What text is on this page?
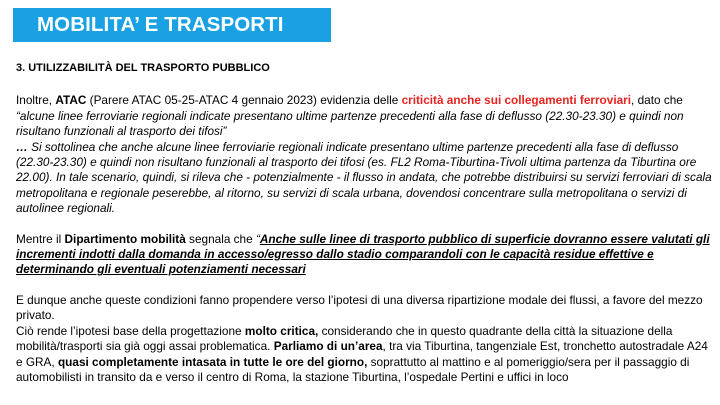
MOBILITA’ E TRASPORTI

3. UTILIZZABILITÀ DEL TRASPORTO PUBBLICO

Inoltre, ATAC (Parere ATAC 05-25-ATAC 4 gennaio 2023) evidenzia delle criticità anche sui collegamenti ferroviari, dato che
“alcune linee ferroviarie regionali indicate presentano ultime partenze precedenti alla fase di deflusso (22.30-23.30) e quindi non risultano funzionali al trasporto dei tifosi”

… Si sottolinea che anche alcune linee ferroviarie regionali indicate presentano ultime partenze precedenti alla fase di deflusso (22.30-23.30) e quindi non risultano funzionali al trasporto dei tifosi (es. FL2 Roma-Tiburtina-Tivoli ultima partenza da Tiburtina ore 22.00). In tale scenario, quindi, si rileva che - potenzialmente - il flusso in andata, che potrebbe distribuirsi su servizi ferroviari di scala metropolitana e regionale peserebbe, al ritorno, su servizi di scala urbana, dovendosi concentrare sulla metropolitana o servizi di autolinee regionali.

Mentre il Dipartimento mobilità segnala che “Anche sulle linee di trasporto pubblico di superficie dovranno essere valutati gli incrementi indotti dalla domanda in accesso/egresso dallo stadio comparandoli con le capacità residue effettive e determinando gli eventuali potenziamenti necessari

E dunque anche queste condizioni fanno propendere verso l’ipotesi di una diversa ripartizione modale dei flussi, a favore del mezzo privato.

Ciò rende l’ipotesi base della progettazione molto critica, considerando che in questo quadrante della città la situazione della mobilità/trasporti sia già oggi assai problematica. Parliamo di un’area, tra via Tiburtina, tangenziale Est, tronchetto autostradale A24 e GRA, quasi completamente intasata in tutte le ore del giorno, soprattutto al mattino e al pomeriggio/sera per il passaggio di automobilisti in transito da e verso il centro di Roma, la stazione Tiburtina, l’ospedale Pertini e uffici in loco
